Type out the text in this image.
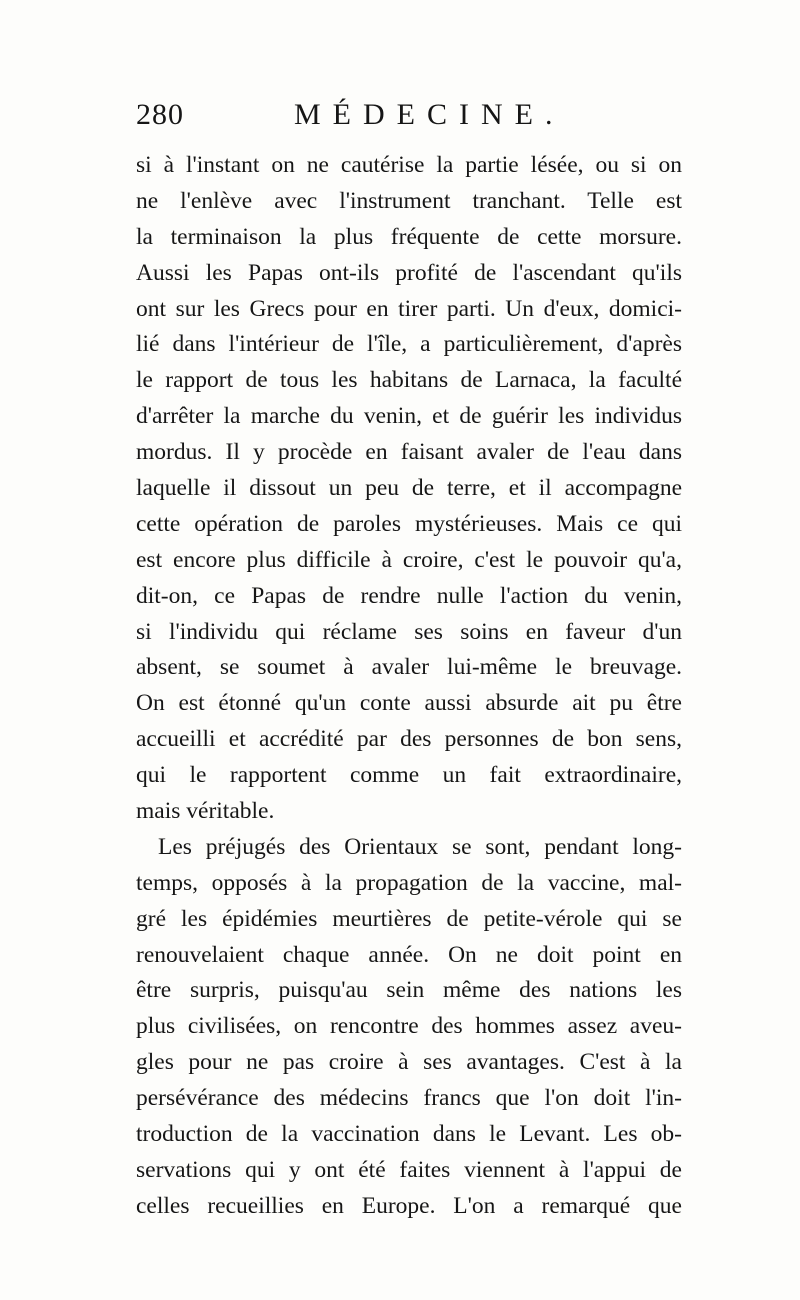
280	MÉDECINE.
si à l'instant on ne cautérise la partie lésée, ou si on
ne l'enlève avec l'instrument tranchant. Telle est
la terminaison la plus fréquente de cette morsure.
Aussi les Papas ont-ils profité de l'ascendant qu'ils
ont sur les Grecs pour en tirer parti. Un d'eux, domici-
lié dans l'intérieur de l'île, a particulièrement, d'après
le rapport de tous les habitans de Larnaca, la faculté
d'arrêter la marche du venin, et de guérir les individus
mordus. Il y procède en faisant avaler de l'eau dans
laquelle il dissout un peu de terre, et il accompagne
cette opération de paroles mystérieuses. Mais ce qui
est encore plus difficile à croire, c'est le pouvoir qu'a,
dit-on, ce Papas de rendre nulle l'action du venin,
si l'individu qui réclame ses soins en faveur d'un
absent, se soumet à avaler lui-même le breuvage.
On est étonné qu'un conte aussi absurde ait pu être
accueilli et accrédité par des personnes de bon sens,
qui le rapportent comme un fait extraordinaire,
mais véritable.
Les préjugés des Orientaux se sont, pendant long-
temps, opposés à la propagation de la vaccine, mal-
gré les épidémies meurtières de petite-vérole qui se
renouvelaient chaque année. On ne doit point en
être surpris, puisqu'au sein même des nations les
plus civilisées, on rencontre des hommes assez aveu-
gles pour ne pas croire à ses avantages. C'est à la
persévérance des médecins francs que l'on doit l'in-
troduction de la vaccination dans le Levant. Les ob-
servations qui y ont été faites viennent à l'appui de
celles recueillies en Europe. L'on a remarqué que
